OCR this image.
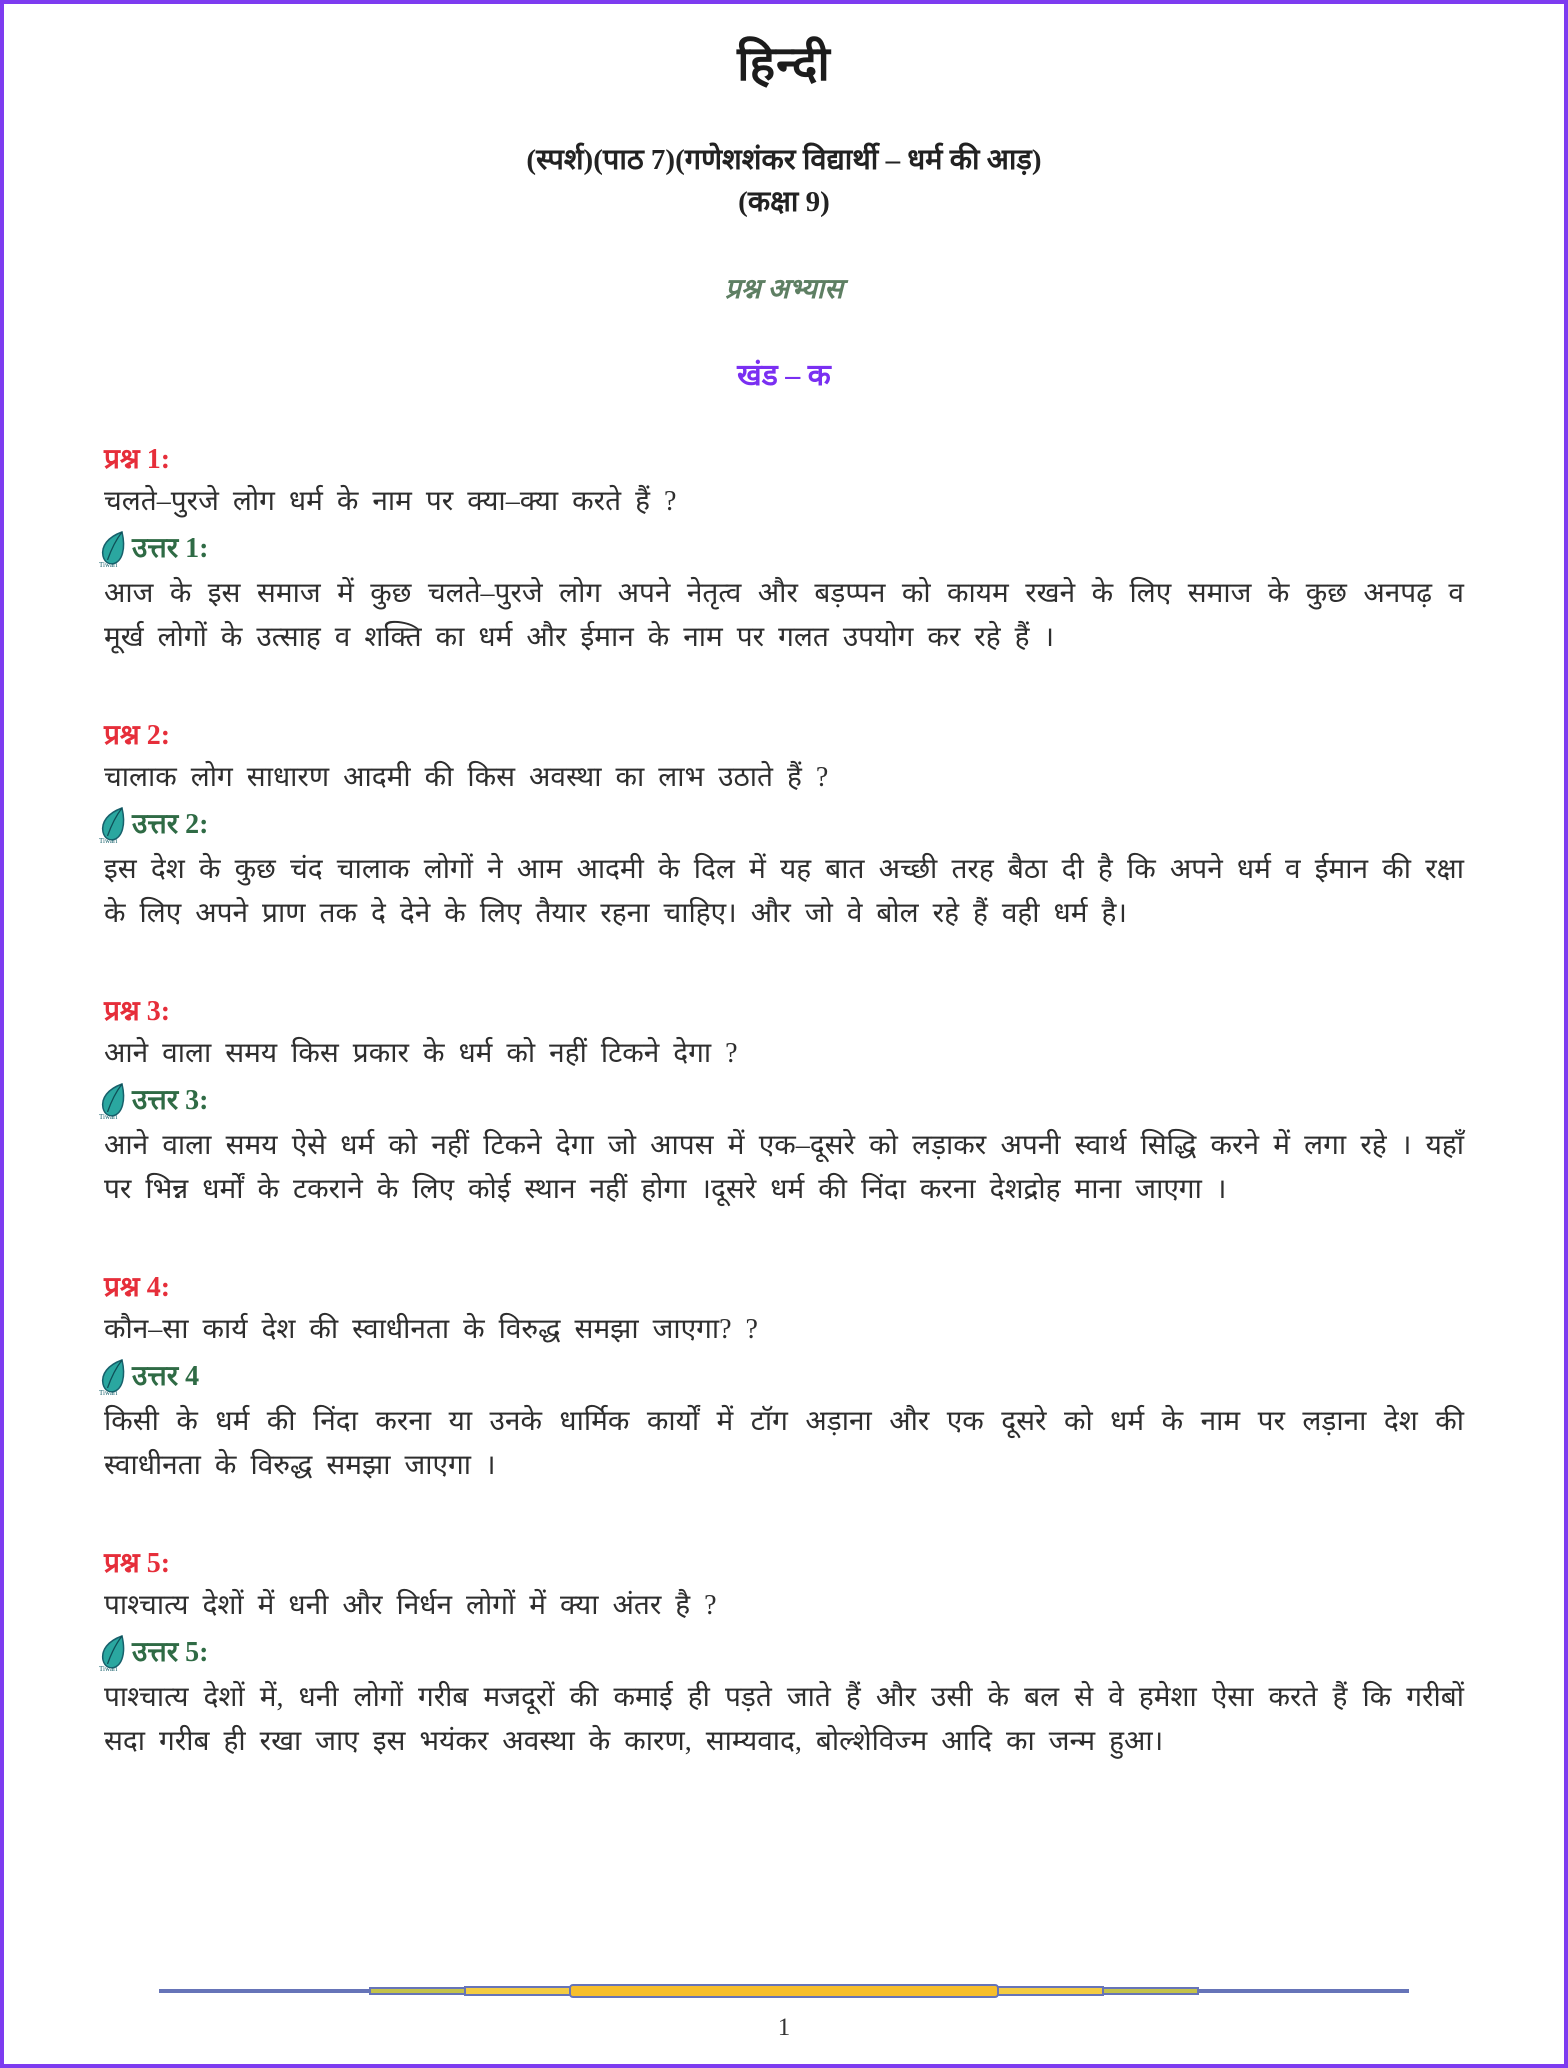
हिन्दी
(स्पर्श)(पाठ 7)(गणेशशंकर विद्यार्थी – धर्म की आड़)
(कक्षा 9)
प्रश्न अभ्यास
खंड – क
प्रश्न 1:

चलते–पुरजे लोग धर्म के नाम पर क्या–क्या करते हैं ?

Tiwari
उत्तर 1:

आज के इस समाज में कुछ चलते–पुरजे लोग अपने नेतृत्व और बड़प्पन को कायम रखने के लिए समाज के कुछ अनपढ़ व मूर्ख लोगों के उत्साह व शक्ति का धर्म और ईमान के नाम पर गलत उपयोग कर रहे हैं ।

प्रश्न 2:

चालाक लोग साधारण आदमी की किस अवस्था का लाभ उठाते हैं ?

Tiwari
उत्तर 2:

इस देश के कुछ चंद चालाक लोगों ने आम आदमी के दिल में यह बात अच्छी तरह बैठा दी है कि अपने धर्म व ईमान की रक्षा के लिए अपने प्राण तक दे देने के लिए तैयार रहना चाहिए। और जो वे बोल रहे हैं वही धर्म है।

प्रश्न 3:

आने वाला समय किस प्रकार के धर्म को नहीं टिकने देगा ?

Tiwari
उत्तर 3:

आने वाला समय ऐसे धर्म को नहीं टिकने देगा जो आपस में एक–दूसरे को लड़ाकर अपनी स्वार्थ सिद्धि करने में लगा रहे । यहॉं पर भिन्न धर्मों के टकराने के लिए कोई स्थान नहीं होगा ।दूसरे धर्म की निंदा करना देशद्रोह माना जाएगा ।

प्रश्न 4:

कौन–सा कार्य देश की स्वाधीनता के विरुद्ध समझा जाएगा? ?

Tiwari
उत्तर 4

किसी के धर्म की निंदा करना या उनके धार्मिक कार्यों में टॉग अड़ाना और एक दूसरे को धर्म के नाम पर लड़ाना देश की स्वाधीनता के विरुद्ध समझा जाएगा ।

प्रश्न 5:

पाश्चात्य देशों में धनी और निर्धन लोगों में क्या अंतर है ?

Tiwari
उत्तर 5:

पाश्चात्य देशों में, धनी लोगों गरीब मजदूरों की कमाई ही पड़ते जाते हैं और उसी के बल से वे हमेशा ऐसा करते हैं कि गरीबों सदा गरीब ही रखा जाए इस भयंकर अवस्था के कारण, साम्यवाद, बोल्शेविज्म आदि का जन्म हुआ।

1
